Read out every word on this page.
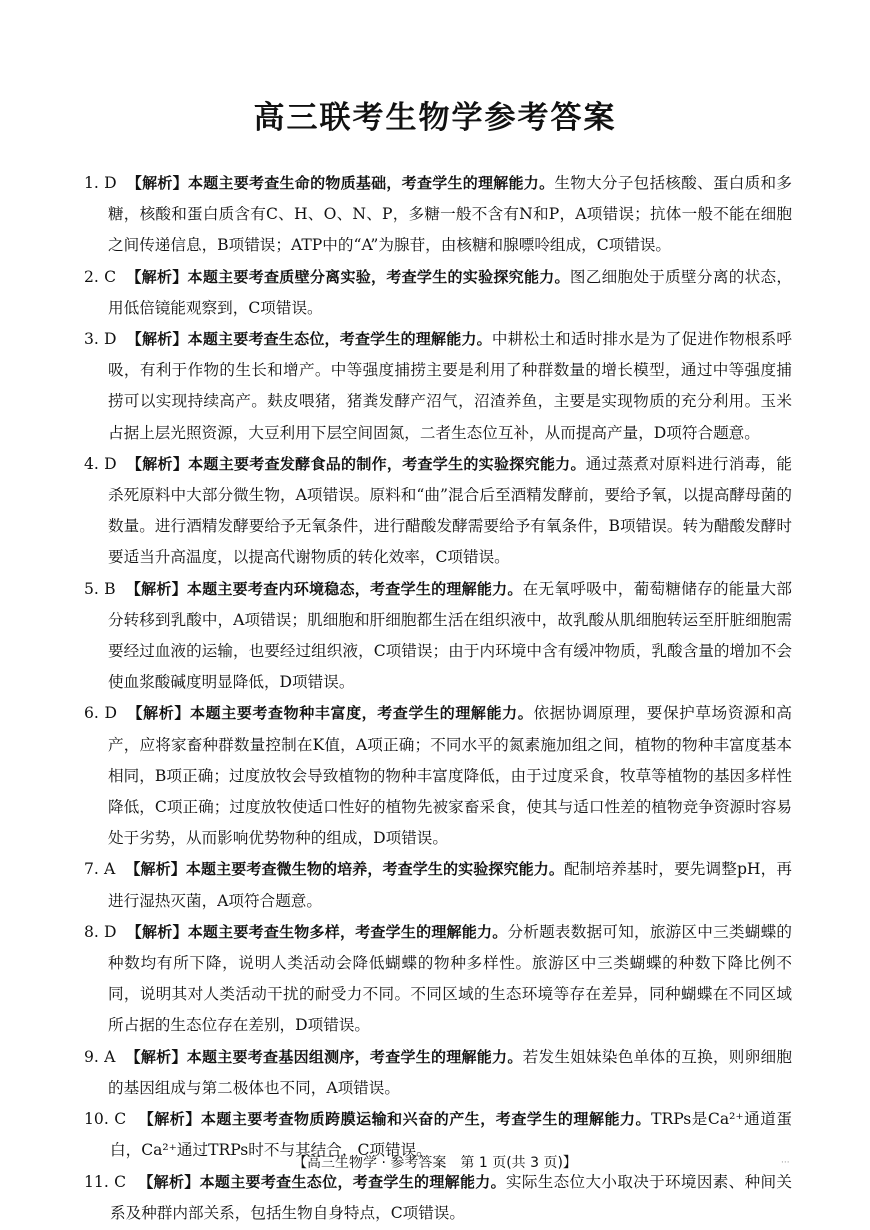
高三联考生物学参考答案

1. D 【解析】本题主要考查生命的物质基础，考查学生的理解能力。生物大分子包括核酸、蛋白质和多糖，核酸和蛋白质含有C、H、O、N、P，多糖一般不含有N和P，A项错误；抗体一般不能在细胞之间传递信息，B项错误；ATP中的“A”为腺苷，由核糖和腺嘌呤组成，C项错误。

2. C 【解析】本题主要考查质壁分离实验，考查学生的实验探究能力。图乙细胞处于质壁分离的状态，用低倍镜能观察到，C项错误。

3. D 【解析】本题主要考查生态位，考查学生的理解能力。中耕松土和适时排水是为了促进作物根系呼吸，有利于作物的生长和增产。中等强度捕捞主要是利用了种群数量的增长模型，通过中等强度捕捞可以实现持续高产。麸皮喂猪，猪粪发酵产沼气，沼渣养鱼，主要是实现物质的充分利用。玉米占据上层光照资源，大豆利用下层空间固氮，二者生态位互补，从而提高产量，D项符合题意。

4. D 【解析】本题主要考查发酵食品的制作，考查学生的实验探究能力。通过蒸煮对原料进行消毒，能杀死原料中大部分微生物，A项错误。原料和“曲”混合后至酒精发酵前，要给予氧，以提高酵母菌的数量。进行酒精发酵要给予无氧条件，进行醋酸发酵需要给予有氧条件，B项错误。转为醋酸发酵时要适当升高温度，以提高代谢物质的转化效率，C项错误。

5. B 【解析】本题主要考查内环境稳态，考查学生的理解能力。在无氧呼吸中，葡萄糖储存的能量大部分转移到乳酸中，A项错误；肌细胞和肝细胞都生活在组织液中，故乳酸从肌细胞转运至肝脏细胞需要经过血液的运输，也要经过组织液，C项错误；由于内环境中含有缓冲物质，乳酸含量的增加不会使血浆酸碱度明显降低，D项错误。

6. D 【解析】本题主要考查物种丰富度，考查学生的理解能力。依据协调原理，要保护草场资源和高产，应将家畜种群数量控制在K值，A项正确；不同水平的氮素施加组之间，植物的物种丰富度基本相同，B项正确；过度放牧会导致植物的物种丰富度降低，由于过度采食，牧草等植物的基因多样性降低，C项正确；过度放牧使适口性好的植物先被家畜采食，使其与适口性差的植物竞争资源时容易处于劣势，从而影响优势物种的组成，D项错误。

7. A 【解析】本题主要考查微生物的培养，考查学生的实验探究能力。配制培养基时，要先调整pH，再进行湿热灭菌，A项符合题意。

8. D 【解析】本题主要考查生物多样，考查学生的理解能力。分析题表数据可知，旅游区中三类蝴蝶的种数均有所下降，说明人类活动会降低蝴蝶的物种多样性。旅游区中三类蝴蝶的种数下降比例不同，说明其对人类活动干扰的耐受力不同。不同区域的生态环境等存在差异，同种蝴蝶在不同区域所占据的生态位存在差别，D项错误。

9. A 【解析】本题主要考查基因组测序，考查学生的理解能力。若发生姐妹染色单体的互换，则卵细胞的基因组成与第二极体也不同，A项错误。

10. C 【解析】本题主要考查物质跨膜运输和兴奋的产生，考查学生的理解能力。TRPs是Ca²⁺通道蛋白，Ca²⁺通过TRPs时不与其结合，C项错误。

11. C 【解析】本题主要考查生态位，考查学生的理解能力。实际生态位大小取决于环境因素、种间关系及种群内部关系，包括生物自身特点，C项错误。

【高三生物学 · 参考答案　第 1 页(共 3 页)】	···
